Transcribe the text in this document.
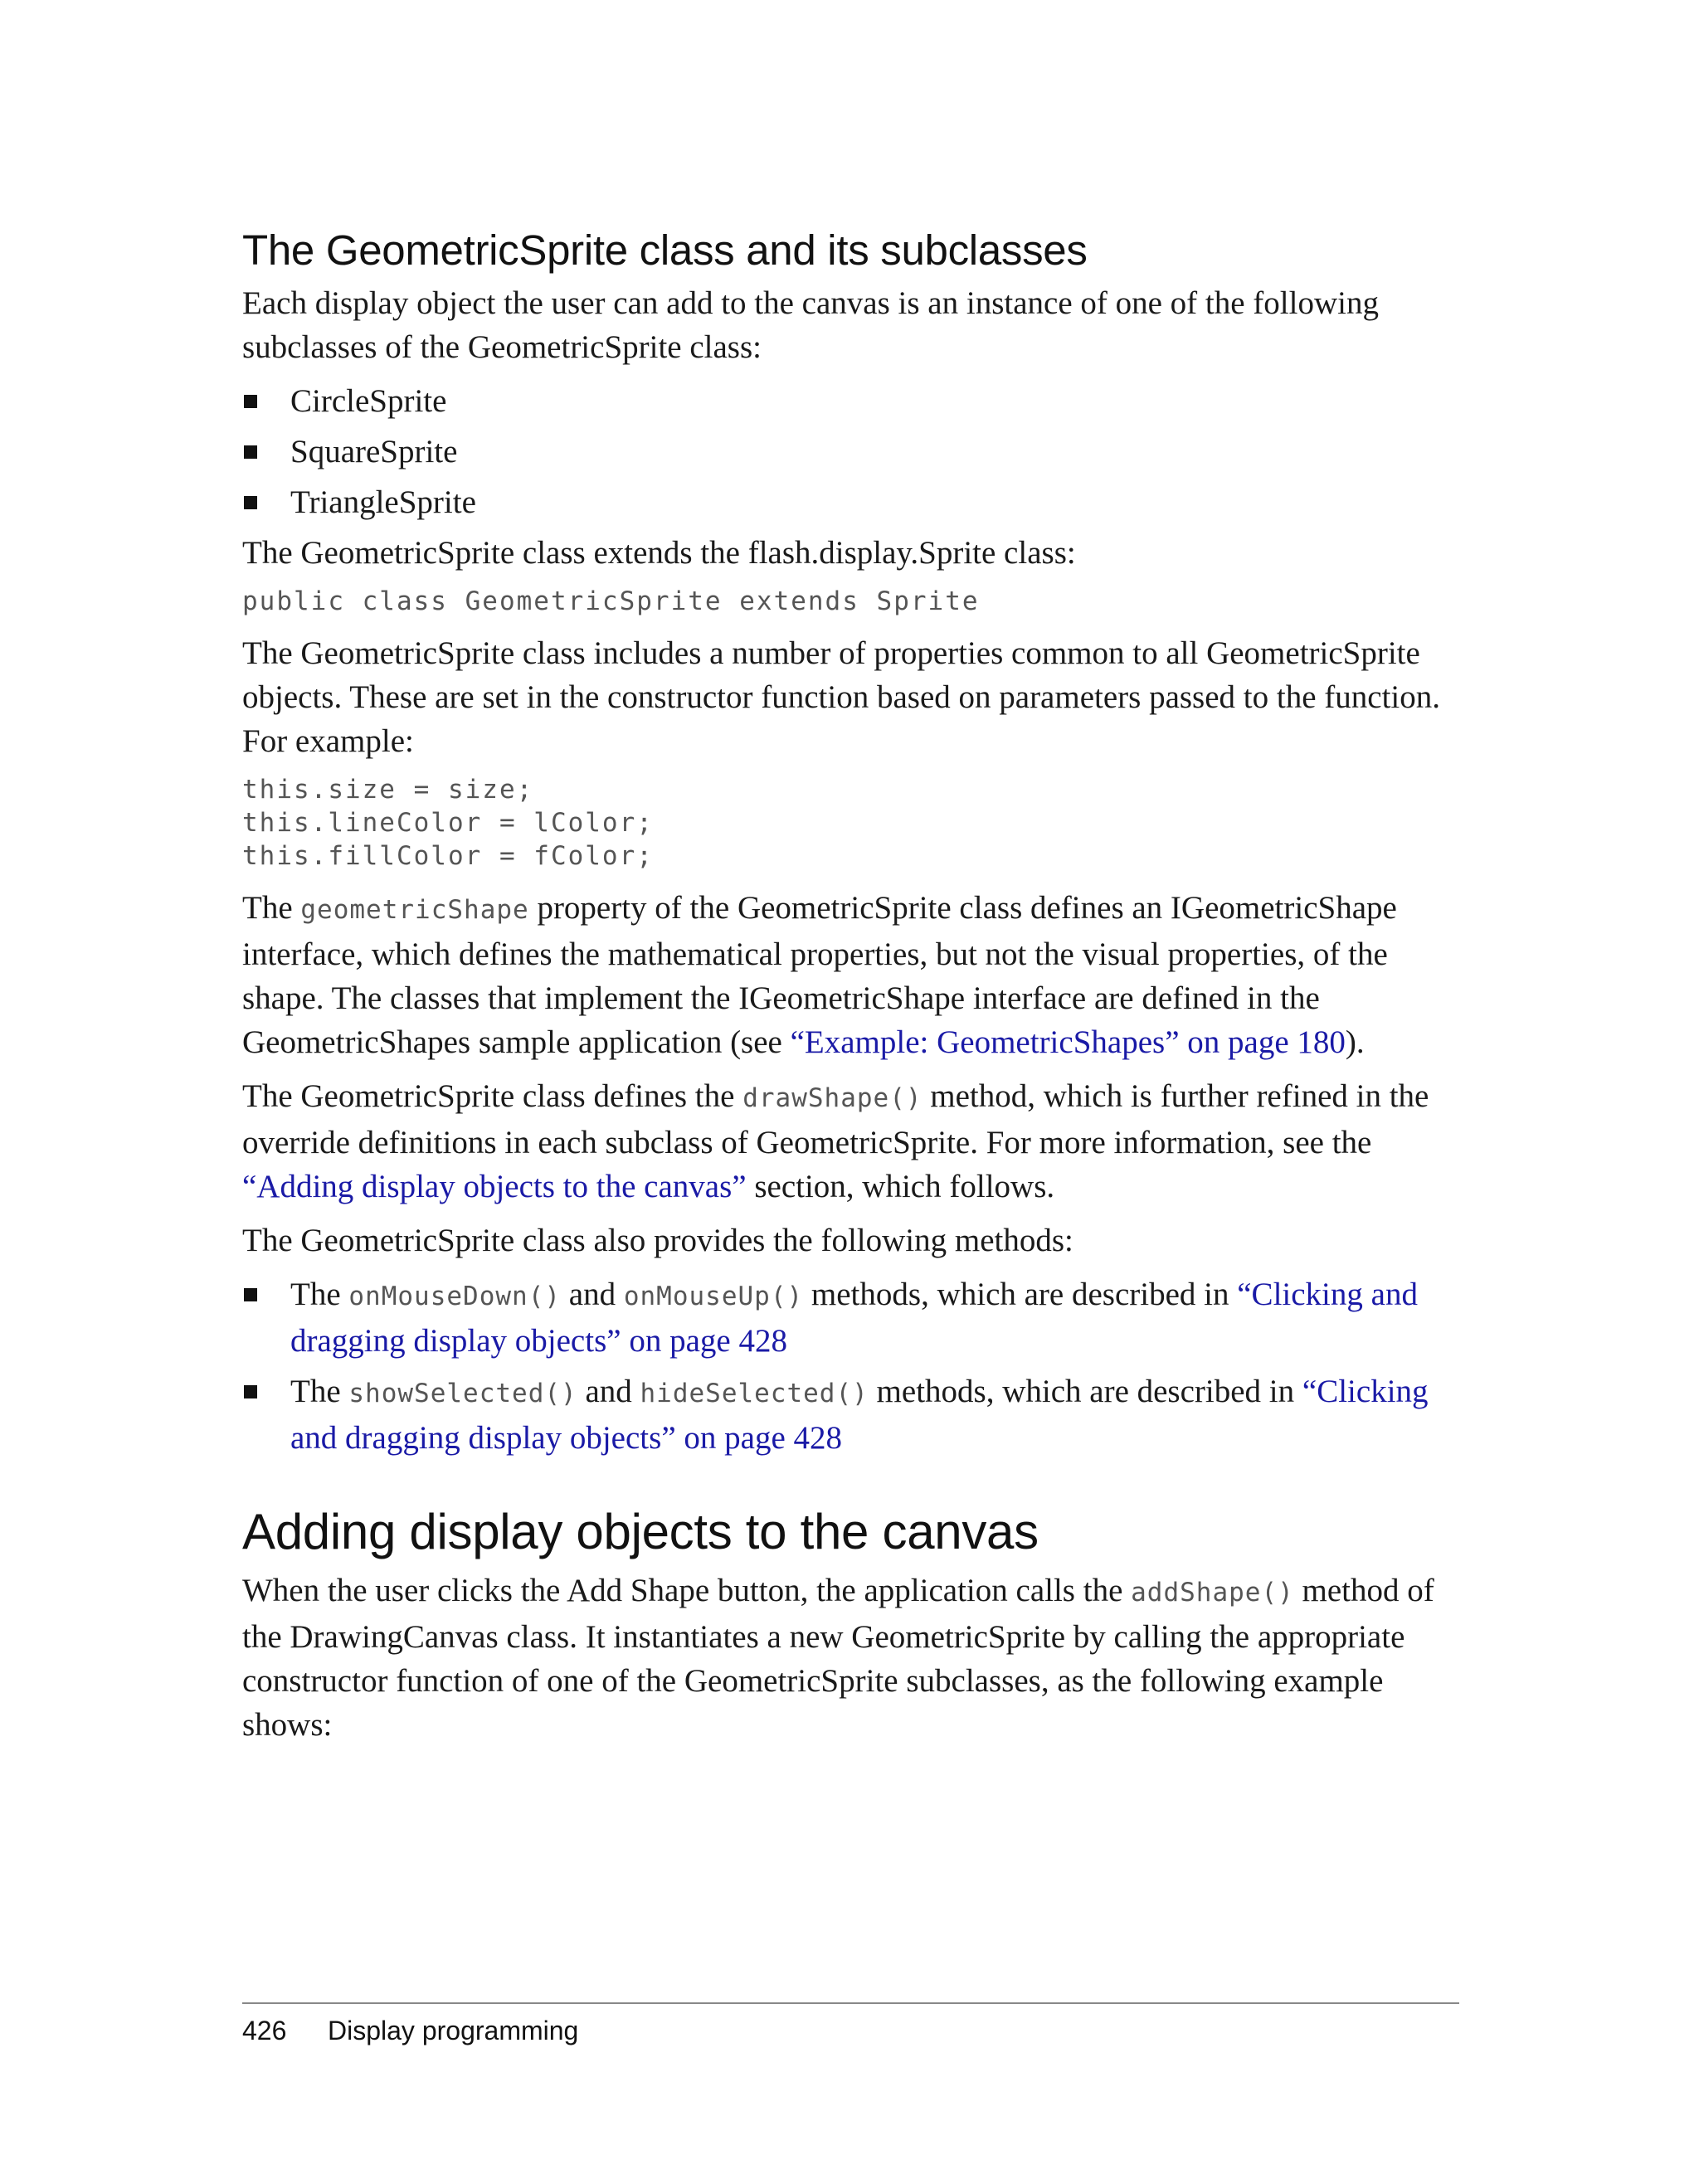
The GeometricSprite class and its subclasses

Each display object the user can add to the canvas is an instance of one of the following subclasses of the GeometricSprite class:

CircleSprite
SquareSprite
TriangleSprite

The GeometricSprite class extends the flash.display.Sprite class:

public class GeometricSprite extends Sprite

The GeometricSprite class includes a number of properties common to all GeometricSprite objects. These are set in the constructor function based on parameters passed to the function. For example:

this.size = size;
this.lineColor = lColor;
this.fillColor = fColor;

The geometricShape property of the GeometricSprite class defines an IGeometricShape interface, which defines the mathematical properties, but not the visual properties, of the shape. The classes that implement the IGeometricShape interface are defined in the GeometricShapes sample application (see “Example: GeometricShapes” on page 180).

The GeometricSprite class defines the drawShape() method, which is further refined in the override definitions in each subclass of GeometricSprite. For more information, see the “Adding display objects to the canvas” section, which follows.

The GeometricSprite class also provides the following methods:

The onMouseDown() and onMouseUp() methods, which are described in “Clicking and dragging display objects” on page 428
The showSelected() and hideSelected() methods, which are described in “Clicking and dragging display objects” on page 428
Adding display objects to the canvas

When the user clicks the Add Shape button, the application calls the addShape() method of the DrawingCanvas class. It instantiates a new GeometricSprite by calling the appropriate constructor function of one of the GeometricSprite subclasses, as the following example shows:

426 Display programming
